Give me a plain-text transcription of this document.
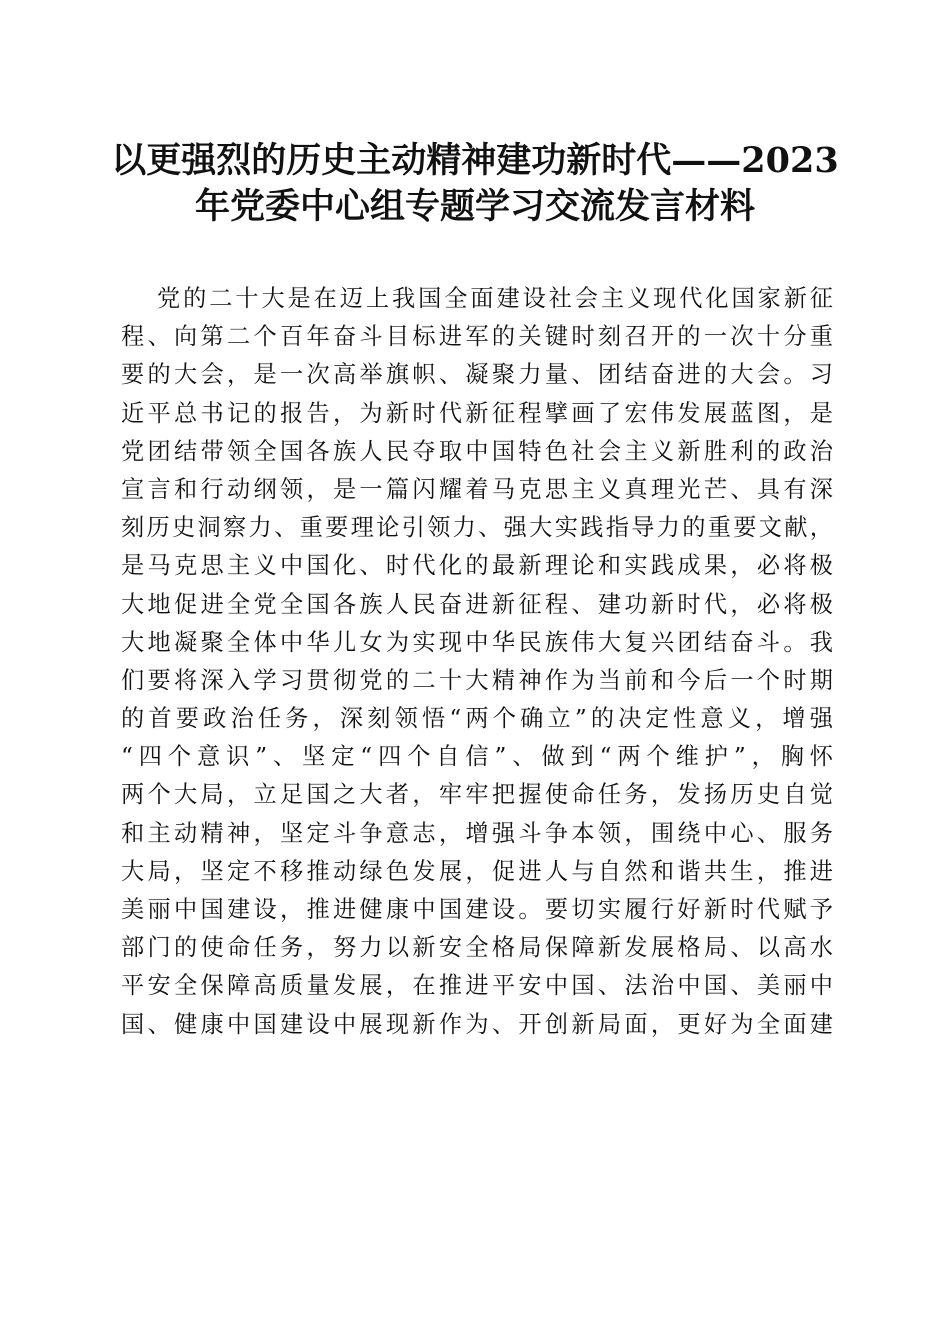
以更强烈的历史主动精神建功新时代——2023
年党委中心组专题学习交流发言材料
党的二十大是在迈上我国全面建设社会主义现代化国家新征
程、向第二个百年奋斗目标进军的关键时刻召开的一次十分重
要的大会，是一次高举旗帜、凝聚力量、团结奋进的大会。习
近平总书记的报告，为新时代新征程擘画了宏伟发展蓝图，是
党团结带领全国各族人民夺取中国特色社会主义新胜利的政治
宣言和行动纲领，是一篇闪耀着马克思主义真理光芒、具有深
刻历史洞察力、重要理论引领力、强大实践指导力的重要文献，
是马克思主义中国化、时代化的最新理论和实践成果，必将极
大地促进全党全国各族人民奋进新征程、建功新时代，必将极
大地凝聚全体中华儿女为实现中华民族伟大复兴团结奋斗。我
们要将深入学习贯彻党的二十大精神作为当前和今后一个时期
的首要政治任务，深刻领悟“两个确立”的决定性意义，增强
“四个意识”、坚定“四个自信”、做到“两个维护”，胸怀
两个大局，立足国之大者，牢牢把握使命任务，发扬历史自觉
和主动精神，坚定斗争意志，增强斗争本领，围绕中心、服务
大局，坚定不移推动绿色发展，促进人与自然和谐共生，推进
美丽中国建设，推进健康中国建设。要切实履行好新时代赋予
部门的使命任务，努力以新安全格局保障新发展格局、以高水
平安全保障高质量发展，在推进平安中国、法治中国、美丽中
国、健康中国建设中展现新作为、开创新局面，更好为全面建
